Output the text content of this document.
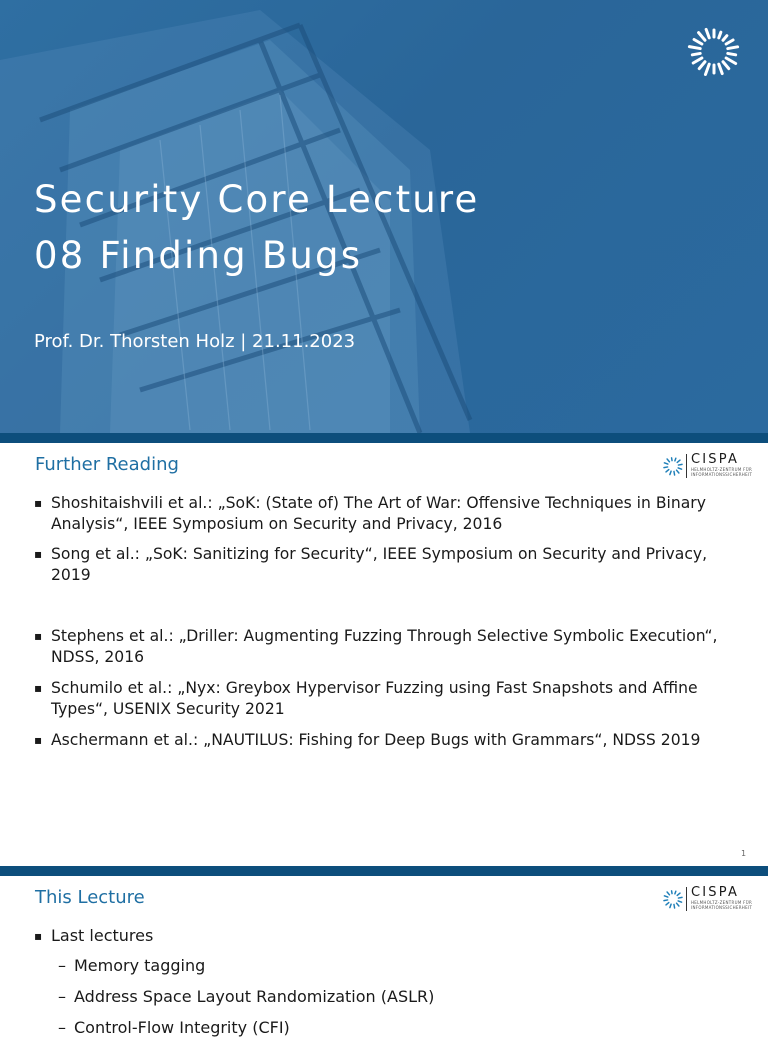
Security Core Lecture
08 Finding Bugs
Prof. Dr. Thorsten Holz | 21.11.2023
Further Reading	CISPA
HELMHOLTZ-ZENTRUM FÜR INFORMATIONSSICHERHEIT
▪ Shoshitaishvili et al.: „SoK: (State of) The Art of War: Offensive Techniques in Binary Analysis“, IEEE Symposium on Security and Privacy, 2016
▪ Song et al.: „SoK: Sanitizing for Security“, IEEE Symposium on Security and Privacy, 2019
▪ Stephens et al.: „Driller: Augmenting Fuzzing Through Selective Symbolic Execution“, NDSS, 2016
▪ Schumilo et al.: „Nyx: Greybox Hypervisor Fuzzing using Fast Snapshots and Affine Types“, USENIX Security 2021
▪ Aschermann et al.: „NAUTILUS: Fishing for Deep Bugs with Grammars“, NDSS 2019
1
This Lecture	CISPA
HELMHOLTZ-ZENTRUM FÜR INFORMATIONSSICHERHEIT
▪ Last lectures
– Memory tagging
– Address Space Layout Randomization (ASLR)
– Control-Flow Integrity (CFI)
